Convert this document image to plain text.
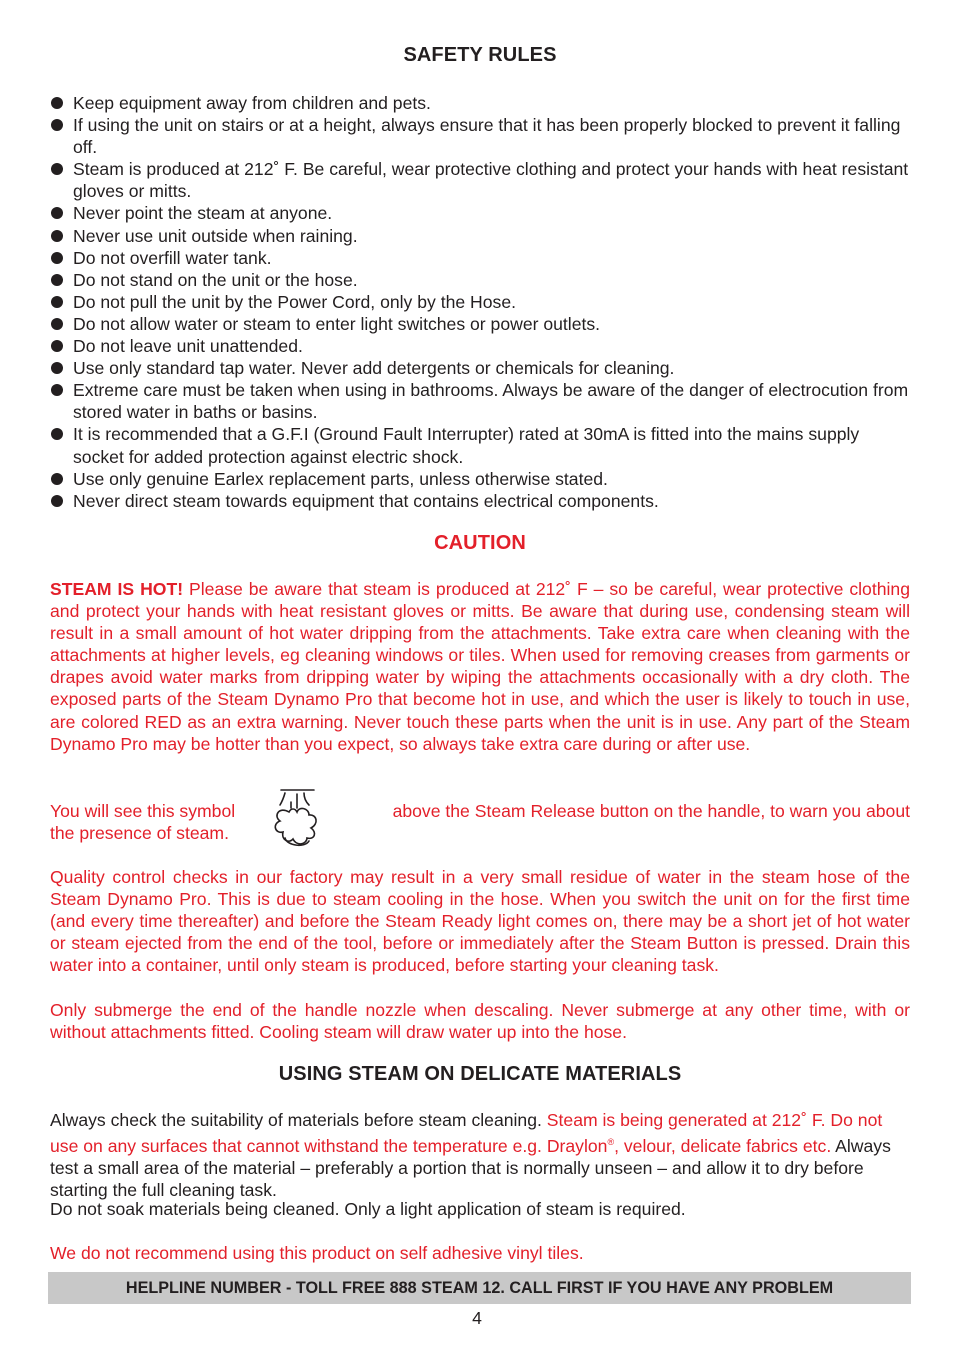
SAFETY RULES
Keep equipment away from children and pets.
If using the unit on stairs or at a height, always ensure that it has been properly blocked to prevent it falling off.
Steam is produced at 212˚ F. Be careful, wear protective clothing and protect your hands with heat resistant gloves or mitts.
Never point the steam at anyone.
Never use unit outside when raining.
Do not overfill water tank.
Do not stand on the unit or the hose.
Do not pull the unit by the Power Cord, only by the Hose.
Do not allow water or steam to enter light switches or power outlets.
Do not leave unit unattended.
Use only standard tap water. Never add detergents or chemicals for cleaning.
Extreme care must be taken when using in bathrooms. Always be aware of the danger of electrocution from stored water in baths or basins.
It is recommended that a G.F.I (Ground Fault Interrupter) rated at 30mA is fitted into the mains supply socket for added protection against electric shock.
Use only genuine Earlex replacement parts, unless otherwise stated.
Never direct steam towards equipment that contains electrical components.
CAUTION
STEAM IS HOT! Please be aware that steam is produced at 212˚ F – so be careful, wear protective clothing and protect your hands with heat resistant gloves or mitts. Be aware that during use, condensing steam will result in a small amount of hot water dripping from the attachments. Take extra care when cleaning with the attachments at higher levels, eg cleaning windows or tiles. When used for removing creases from garments or drapes avoid water marks from dripping water by wiping the attachments occasionally with a dry cloth. The exposed parts of the Steam Dynamo Pro that become hot in use, and which the user is likely to touch in use, are colored RED as an extra warning. Never touch these parts when the unit is in use. Any part of the Steam Dynamo Pro may be hotter than you expect, so always take extra care during or after use.
You will see this symbol
the presence of steam.
above the Steam Release button on the handle, to warn you about
Quality control checks in our factory may result in a very small residue of water in the steam hose of the Steam Dynamo Pro. This is due to steam cooling in the hose. When you switch the unit on for the first time (and every time thereafter) and before the Steam Ready light comes on, there may be a short jet of hot water or steam ejected from the end of the tool, before or immediately after the Steam Button is pressed. Drain this water into a container, until only steam is produced, before starting your cleaning task.
Only submerge the end of the handle nozzle when descaling. Never submerge at any other time, with or without attachments fitted. Cooling steam will draw water up into the hose.
USING STEAM ON DELICATE MATERIALS
Always check the suitability of materials before steam cleaning. Steam is being generated at 212˚ F. Do not use on any surfaces that cannot withstand the temperature e.g. Draylon®, velour, delicate fabrics etc. Always test a small area of the material – preferably a portion that is normally unseen – and allow it to dry before starting the full cleaning task.
Do not soak materials being cleaned. Only a light application of steam is required.
We do not recommend using this product on self adhesive vinyl tiles.
HELPLINE NUMBER - TOLL FREE 888 STEAM 12. CALL FIRST IF YOU HAVE ANY PROBLEM
4
